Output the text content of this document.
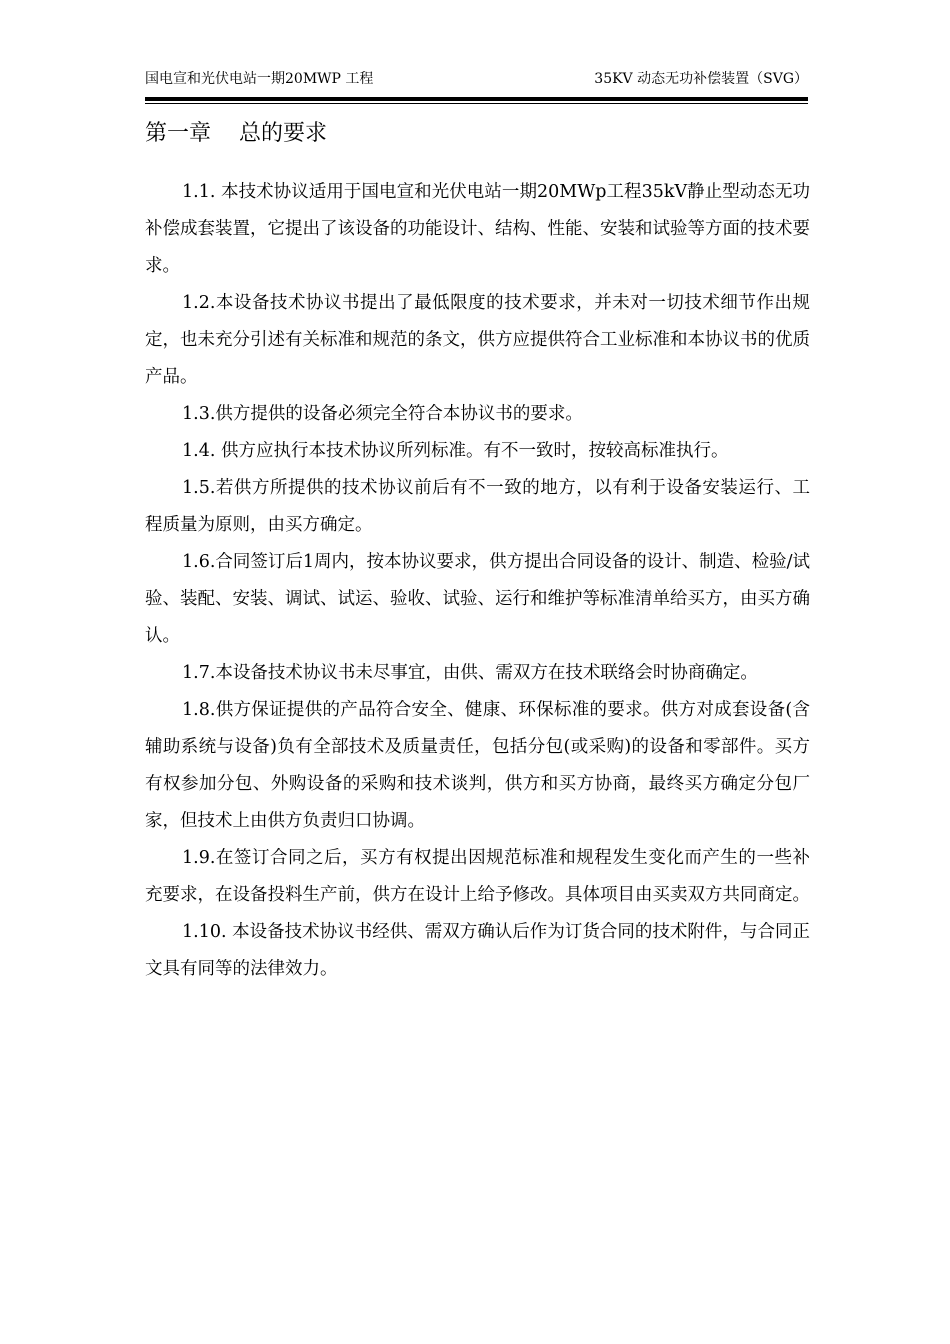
国电宣和光伏电站一期20MWP 工程	35KV 动态无功补偿装置（SVG）
第一章    总的要求

1.1. 本技术协议适用于国电宣和光伏电站一期20MWp工程35kV静止型动态无功补偿成套装置，它提出了该设备的功能设计、结构、性能、安装和试验等方面的技术要求。

1.2.本设备技术协议书提出了最低限度的技术要求，并未对一切技术细节作出规定，也未充分引述有关标准和规范的条文，供方应提供符合工业标准和本协议书的优质产品。

1.3.供方提供的设备必须完全符合本协议书的要求。

1.4. 供方应执行本技术协议所列标准。有不一致时，按较高标准执行。

1.5.若供方所提供的技术协议前后有不一致的地方，以有利于设备安装运行、工程质量为原则，由买方确定。

1.6.合同签订后1周内，按本协议要求，供方提出合同设备的设计、制造、检验/试验、装配、安装、调试、试运、验收、试验、运行和维护等标准清单给买方，由买方确认。

1.7.本设备技术协议书未尽事宜，由供、需双方在技术联络会时协商确定。

1.8.供方保证提供的产品符合安全、健康、环保标准的要求。供方对成套设备(含辅助系统与设备)负有全部技术及质量责任，包括分包(或采购)的设备和零部件。买方有权参加分包、外购设备的采购和技术谈判，供方和买方协商，最终买方确定分包厂家，但技术上由供方负责归口协调。

1.9.在签订合同之后，买方有权提出因规范标准和规程发生变化而产生的一些补充要求，在设备投料生产前，供方在设计上给予修改。具体项目由买卖双方共同商定。

1.10. 本设备技术协议书经供、需双方确认后作为订货合同的技术附件，与合同正文具有同等的法律效力。
